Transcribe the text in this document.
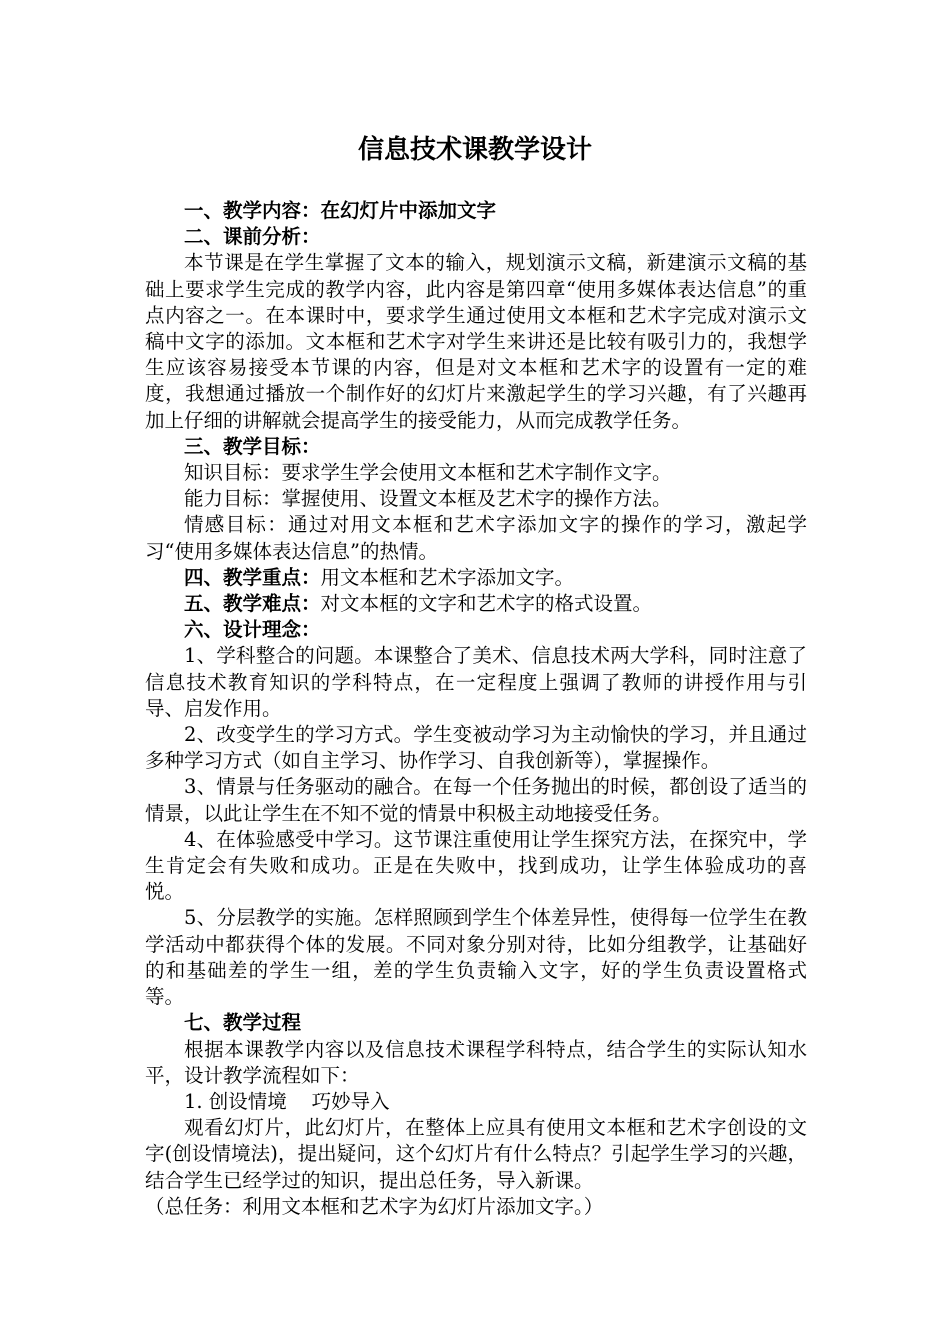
信息技术课教学设计

一、教学内容：在幻灯片中添加文字

二、课前分析：

本节课是在学生掌握了文本的输入，规划演示文稿，新建演示文稿的基础上要求学生完成的教学内容，此内容是第四章“使用多媒体表达信息”的重点内容之一。在本课时中，要求学生通过使用文本框和艺术字完成对演示文稿中文字的添加。文本框和艺术字对学生来讲还是比较有吸引力的，我想学生应该容易接受本节课的内容，但是对文本框和艺术字的设置有一定的难度，我想通过播放一个制作好的幻灯片来激起学生的学习兴趣，有了兴趣再加上仔细的讲解就会提高学生的接受能力，从而完成教学任务。

三、教学目标：

知识目标：要求学生学会使用文本框和艺术字制作文字。

能力目标：掌握使用、设置文本框及艺术字的操作方法。

情感目标：通过对用文本框和艺术字添加文字的操作的学习，激起学习“使用多媒体表达信息”的热情。

四、教学重点：用文本框和艺术字添加文字。

五、教学难点：对文本框的文字和艺术字的格式设置。

六、设计理念：

1、学科整合的问题。本课整合了美术、信息技术两大学科，同时注意了信息技术教育知识的学科特点，在一定程度上强调了教师的讲授作用与引导、启发作用。

2、改变学生的学习方式。学生变被动学习为主动愉快的学习，并且通过多种学习方式（如自主学习、协作学习、自我创新等），掌握操作。

3、情景与任务驱动的融合。在每一个任务抛出的时候，都创设了适当的情景，以此让学生在不知不觉的情景中积极主动地接受任务。

4、在体验感受中学习。这节课注重使用让学生探究方法，在探究中，学生肯定会有失败和成功。正是在失败中，找到成功，让学生体验成功的喜悦。

5、分层教学的实施。怎样照顾到学生个体差异性，使得每一位学生在教学活动中都获得个体的发展。不同对象分别对待，比如分组教学，让基础好的和基础差的学生一组，差的学生负责输入文字，好的学生负责设置格式等。

七、教学过程

根据本课教学内容以及信息技术课程学科特点，结合学生的实际认知水平，设计教学流程如下：

1. 创设情境    巧妙导入

观看幻灯片，此幻灯片，在整体上应具有使用文本框和艺术字创设的文字(创设情境法)，提出疑问，这个幻灯片有什么特点？引起学生学习的兴趣，结合学生已经学过的知识，提出总任务，导入新课。

（总任务：利用文本框和艺术字为幻灯片添加文字。）
